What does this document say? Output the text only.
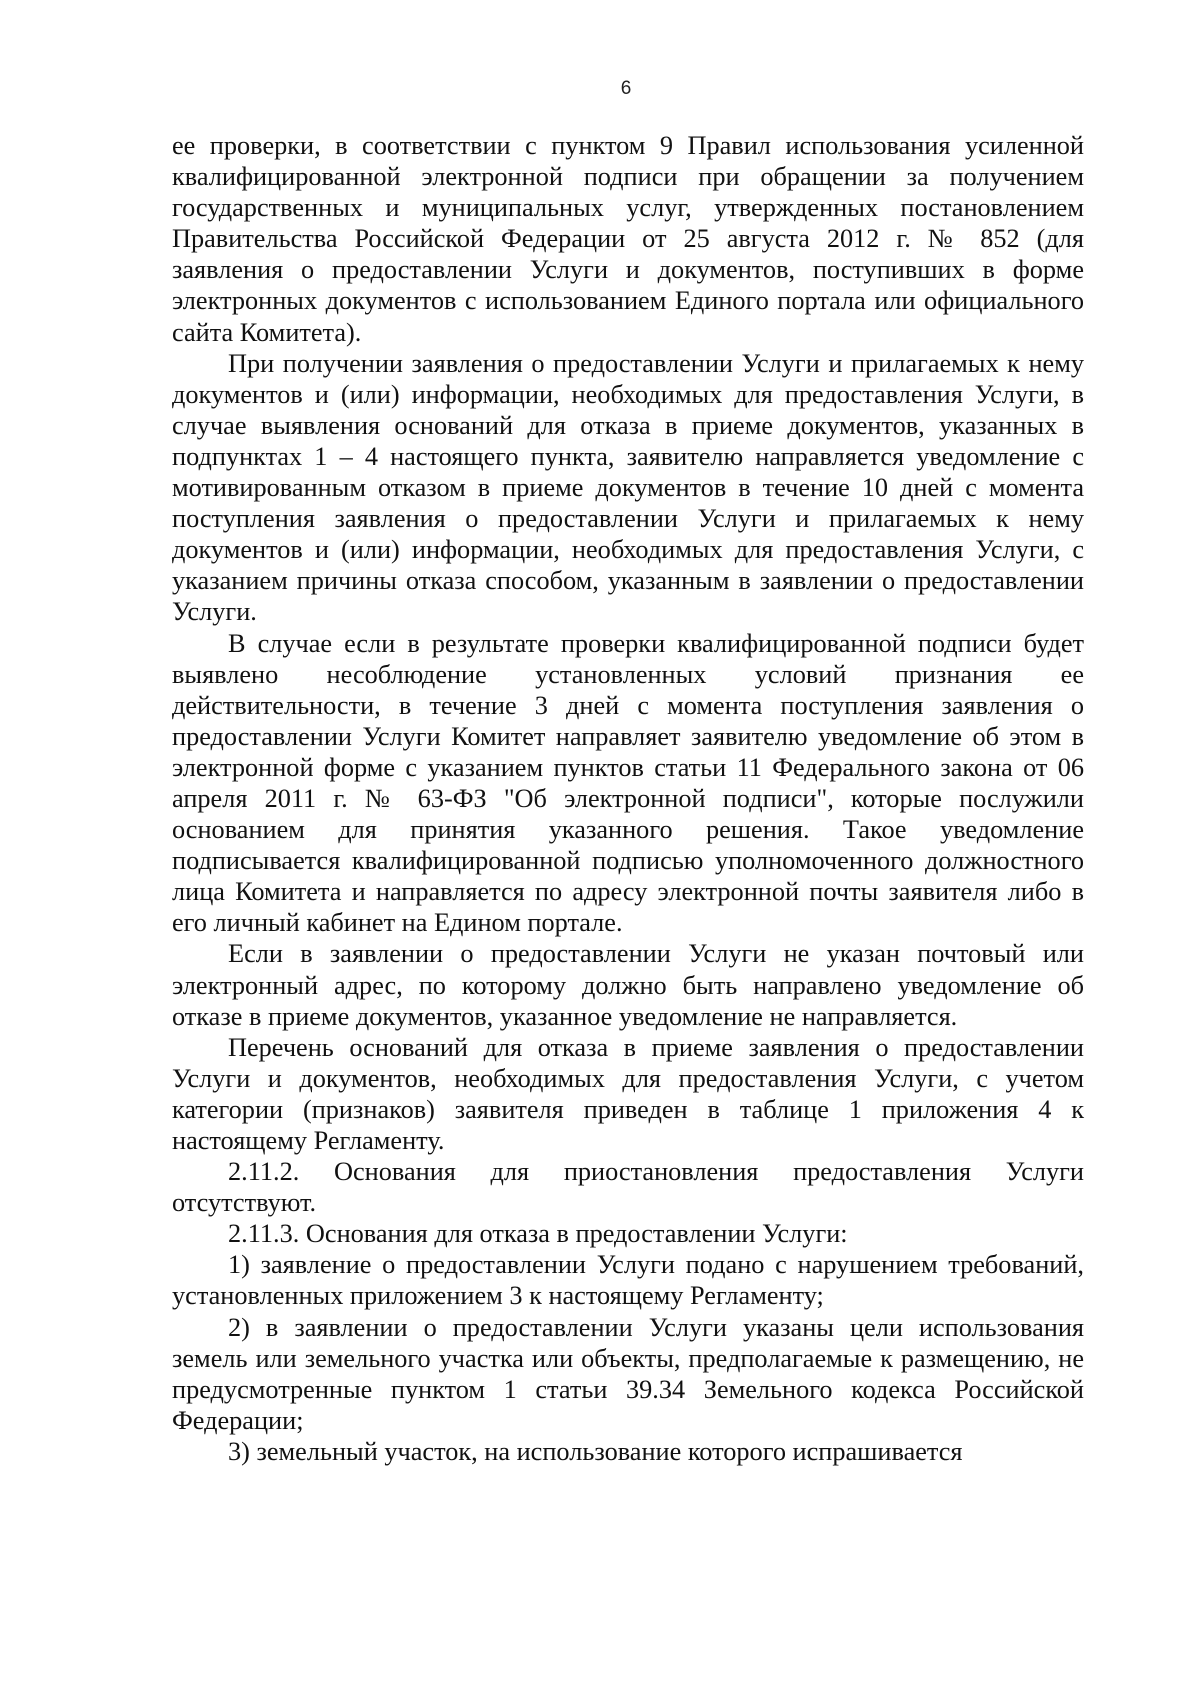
6

ее проверки, в соответствии с пунктом 9 Правил использования усиленной квалифицированной электронной подписи при обращении за получением государственных и муниципальных услуг, утвержденных постановлением Правительства Российской Федерации от 25 августа 2012 г. № 852 (для заявления о предоставлении Услуги и документов, поступивших в форме электронных документов с использованием Единого портала или официального сайта Комитета).

При получении заявления о предоставлении Услуги и прилагаемых к нему документов и (или) информации, необходимых для предоставления Услуги, в случае выявления оснований для отказа в приеме документов, указанных в подпунктах 1 – 4 настоящего пункта, заявителю направляется уведомление с мотивированным отказом в приеме документов в течение 10 дней с момента поступления заявления о предоставлении Услуги и прилагаемых к нему документов и (или) информации, необходимых для предоставления Услуги, с указанием причины отказа способом, указанным в заявлении о предоставлении Услуги.

В случае если в результате проверки квалифицированной подписи будет выявлено несоблюдение установленных условий признания ее действительности, в течение 3 дней с момента поступления заявления о предоставлении Услуги Комитет направляет заявителю уведомление об этом в электронной форме с указанием пунктов статьи 11 Федерального закона от 06 апреля 2011 г. № 63-ФЗ "Об электронной подписи", которые послужили основанием для принятия указанного решения. Такое уведомление подписывается квалифицированной подписью уполномоченного должностного лица Комитета и направляется по адресу электронной почты заявителя либо в его личный кабинет на Едином портале.

Если в заявлении о предоставлении Услуги не указан почтовый или электронный адрес, по которому должно быть направлено уведомление об отказе в приеме документов, указанное уведомление не направляется.

Перечень оснований для отказа в приеме заявления о предоставлении Услуги и документов, необходимых для предоставления Услуги, с учетом категории (признаков) заявителя приведен в таблице 1 приложения 4 к настоящему Регламенту.

2.11.2. Основания для приостановления предоставления Услуги отсутствуют.

2.11.3. Основания для отказа в предоставлении Услуги:

1) заявление о предоставлении Услуги подано с нарушением требований, установленных приложением 3 к настоящему Регламенту;

2) в заявлении о предоставлении Услуги указаны цели использования земель или земельного участка или объекты, предполагаемые к размещению, не предусмотренные пунктом 1 статьи 39.34 Земельного кодекса Российской Федерации;

3) земельный участок, на использование которого испрашивается
